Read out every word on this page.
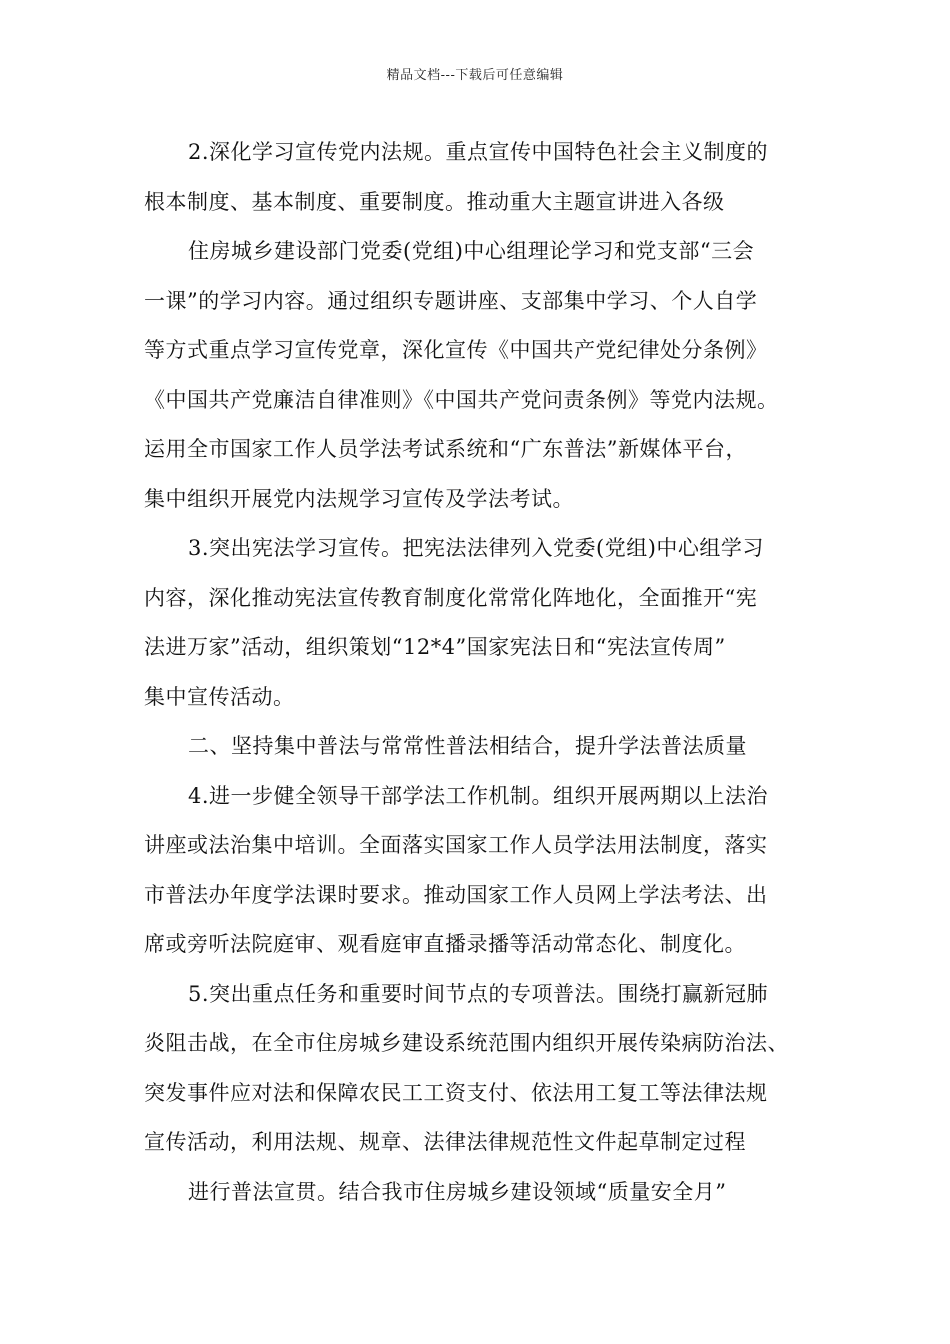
精品文档---下载后可任意编辑
2.深化学习宣传党内法规。重点宣传中国特色社会主义制度的
根本制度、基本制度、重要制度。推动重大主题宣讲进入各级
住房城乡建设部门党委(党组)中心组理论学习和党支部“三会
一课”的学习内容。通过组织专题讲座、支部集中学习、个人自学
等方式重点学习宣传党章，深化宣传《中国共产党纪律处分条例》
《中国共产党廉洁自律准则》《中国共产党问责条例》等党内法规。
运用全市国家工作人员学法考试系统和“广东普法”新媒体平台，
集中组织开展党内法规学习宣传及学法考试。
3.突出宪法学习宣传。把宪法法律列入党委(党组)中心组学习
内容，深化推动宪法宣传教育制度化常常化阵地化，全面推开“宪
法进万家”活动，组织策划“12*4”国家宪法日和“宪法宣传周”
集中宣传活动。
二、坚持集中普法与常常性普法相结合，提升学法普法质量
4.进一步健全领导干部学法工作机制。组织开展两期以上法治
讲座或法治集中培训。全面落实国家工作人员学法用法制度，落实
市普法办年度学法课时要求。推动国家工作人员网上学法考法、出
席或旁听法院庭审、观看庭审直播录播等活动常态化、制度化。
5.突出重点任务和重要时间节点的专项普法。围绕打赢新冠肺
炎阻击战，在全市住房城乡建设系统范围内组织开展传染病防治法、
突发事件应对法和保障农民工工资支付、依法用工复工等法律法规
宣传活动，利用法规、规章、法律法律规范性文件起草制定过程
进行普法宣贯。结合我市住房城乡建设领域“质量安全月”
